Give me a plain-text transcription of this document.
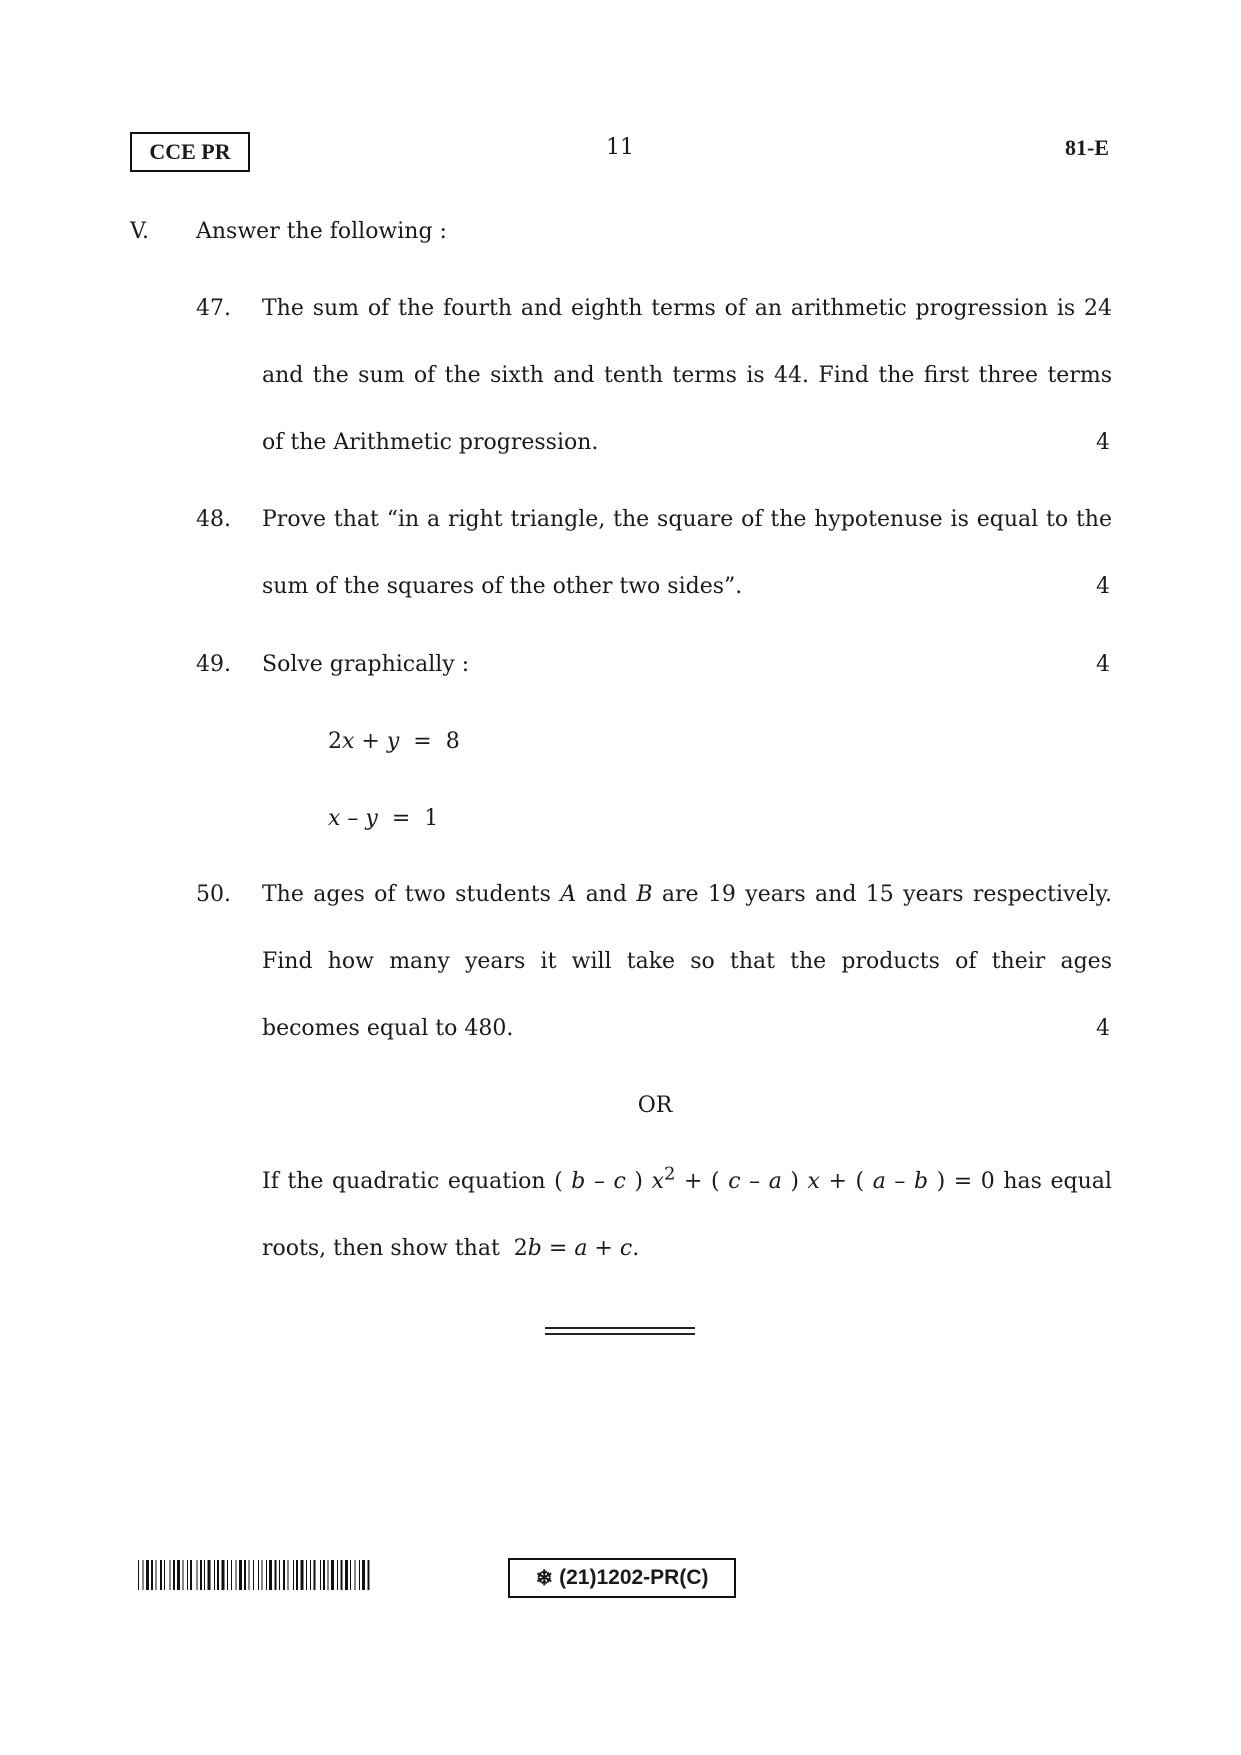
CCE PR	11	81-E
V. Answer the following :
47. The sum of the fourth and eighth terms of an arithmetic progression is 24
and the sum of the sixth and tenth terms is 44. Find the first three terms
of the Arithmetic progression.	4
48. Prove that “in a right triangle, the square of the hypotenuse is equal to the
sum of the squares of the other two sides”.	4
49. Solve graphically :	4
2x + y = 8
x – y = 1
50. The ages of two students A and B are 19 years and 15 years respectively.
Find how many years it will take so that the products of their ages
becomes equal to 480.	4
OR
If the quadratic equation ( b – c ) $x^2$ + ( c – a ) x + ( a – b ) = 0 has equal
roots, then show that  2b = a + c.
❄ (21)1202-PR(C)
